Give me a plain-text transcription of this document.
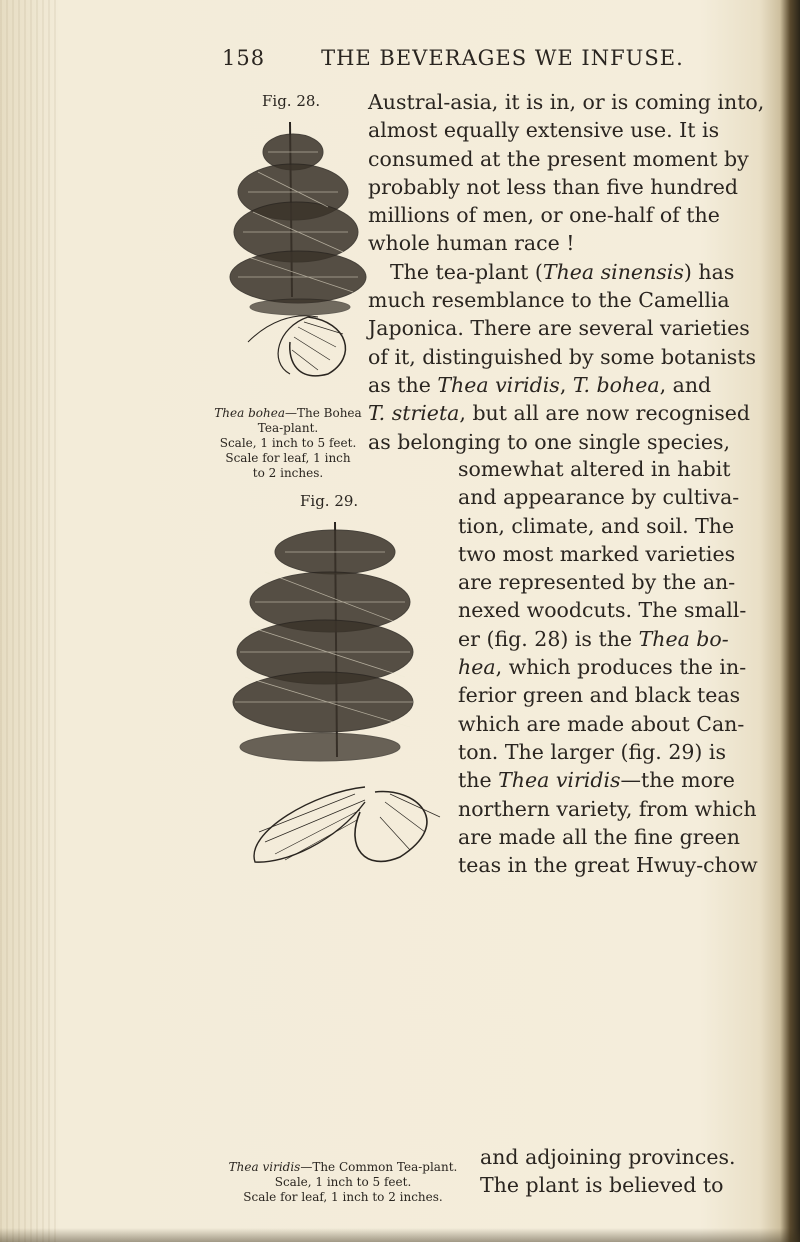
158	THE BEVERAGES WE INFUSE.
Fig. 28.
Thea bohea—The Bohea Tea-plant.
Scale, 1 inch to 5 feet.
Scale for leaf, 1 inch
to 2 inches.
Fig. 29.
Thea viridis—The Common Tea-plant.
Scale, 1 inch to 5 feet.
Scale for leaf, 1 inch to 2 inches.
Austral-asia, it is in, or is coming into,
almost equally extensive use. It is
consumed at the present moment by
probably not less than five hundred
millions of men, or one-half of the
whole human race !
The tea-plant (Thea sinensis) has
much resemblance to the Camellia
Japonica. There are several varieties
of it, distinguished by some botanists
as the Thea viridis, T. bohea, and
T. strieta, but all are now recognised
as belonging to one single species,
somewhat altered in habit
and appearance by cultiva-
tion, climate, and soil. The
two most marked varieties
are represented by the an-
nexed woodcuts. The small-
er (fig. 28) is the Thea bo-
hea, which produces the in-
ferior green and black teas
which are made about Can-
ton. The larger (fig. 29) is
the Thea viridis—the more
northern variety, from which
are made all the fine green
teas in the great Hwuy-chow
and adjoining provinces.
The plant is believed to
